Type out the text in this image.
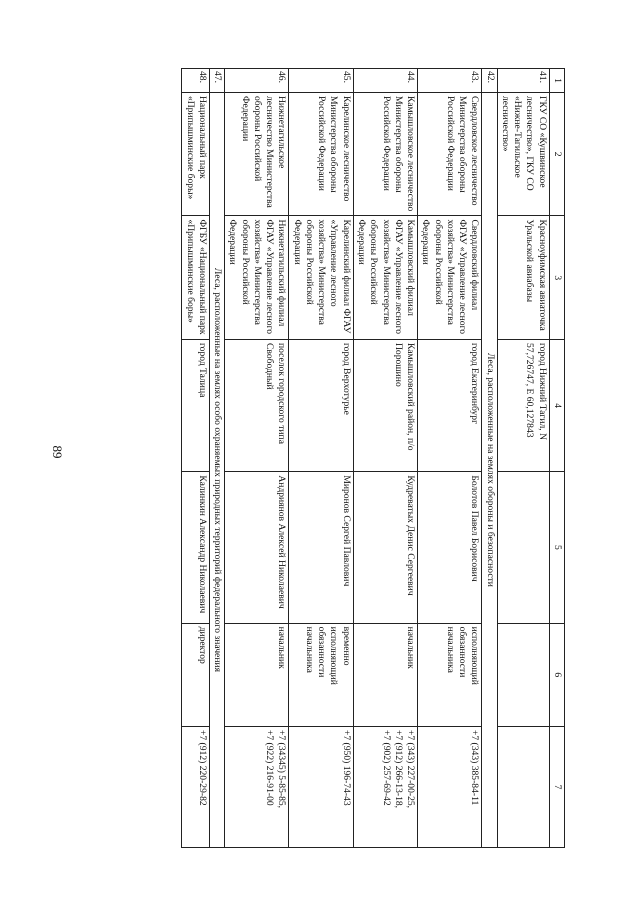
89
1	2	3	4	5	6	7
41.	ГКУ СО «Кушвинское лесничество», ГКУ СО «Нижне-Тагильское лесничество»	Красноуфимская авиаточка Уральской авиабазы	город Нижний Тагил, N 57,726747, E 60,127843			
42.	Леса, расположенные на землях обороны и безопасности					
43.	Свердловское лесничество Министерства обороны Российской Федерации	Свердловский филиал ФГАУ «Управление лесного хозяйства» Министерства обороны Российской Федерации	город Екатеринбург	Болотов Павел Борисович	исполняющий обязанности начальника	+7 (343) 385-84-11
44.	Камышловское лесничество Министерства обороны Российской Федерации	Камышловский филиал ФГАУ «Управление лесного хозяйства» Министерства обороны Российской Федерации	Камышловский район, п/о Порошино	Кудреватых Денис Сергеевич	начальник	+7 (343) 227-00-25,
+7 (912) 266-13-18,
+7 (902) 257-69-42
45.	Карелинское лесничество Министерства обороны Российской Федерации	Карелинский филиал ФГАУ «Управление лесного хозяйства» Министерства обороны Российской Федерации	город Верхотурье	Миронов Сергей Павлович	временно исполняющий обязанности начальника	+7 (950) 196-74-43
46.	Нижнетагильское лесничество Министерства обороны Российской Федерации	Нижнетагильский филиал ФГАУ «Управление лесного хозяйства» Министерства обороны Российской Федерации	поселок городского типа Свободный	Андриянов Алексей Николаевич	начальник	+7 (34345) 5-85-85,
+7 (922) 216-91-00
47.	Леса, расположенные на землях особо охраняемых природных территорий федерального значения					
48.	Национальный парк «Припышминские боры»	ФГБУ «Национальный парк «Припышминские боры»	город Талица	Калинкин Александр Николаевич	директор	+7 (912) 220-29-82
